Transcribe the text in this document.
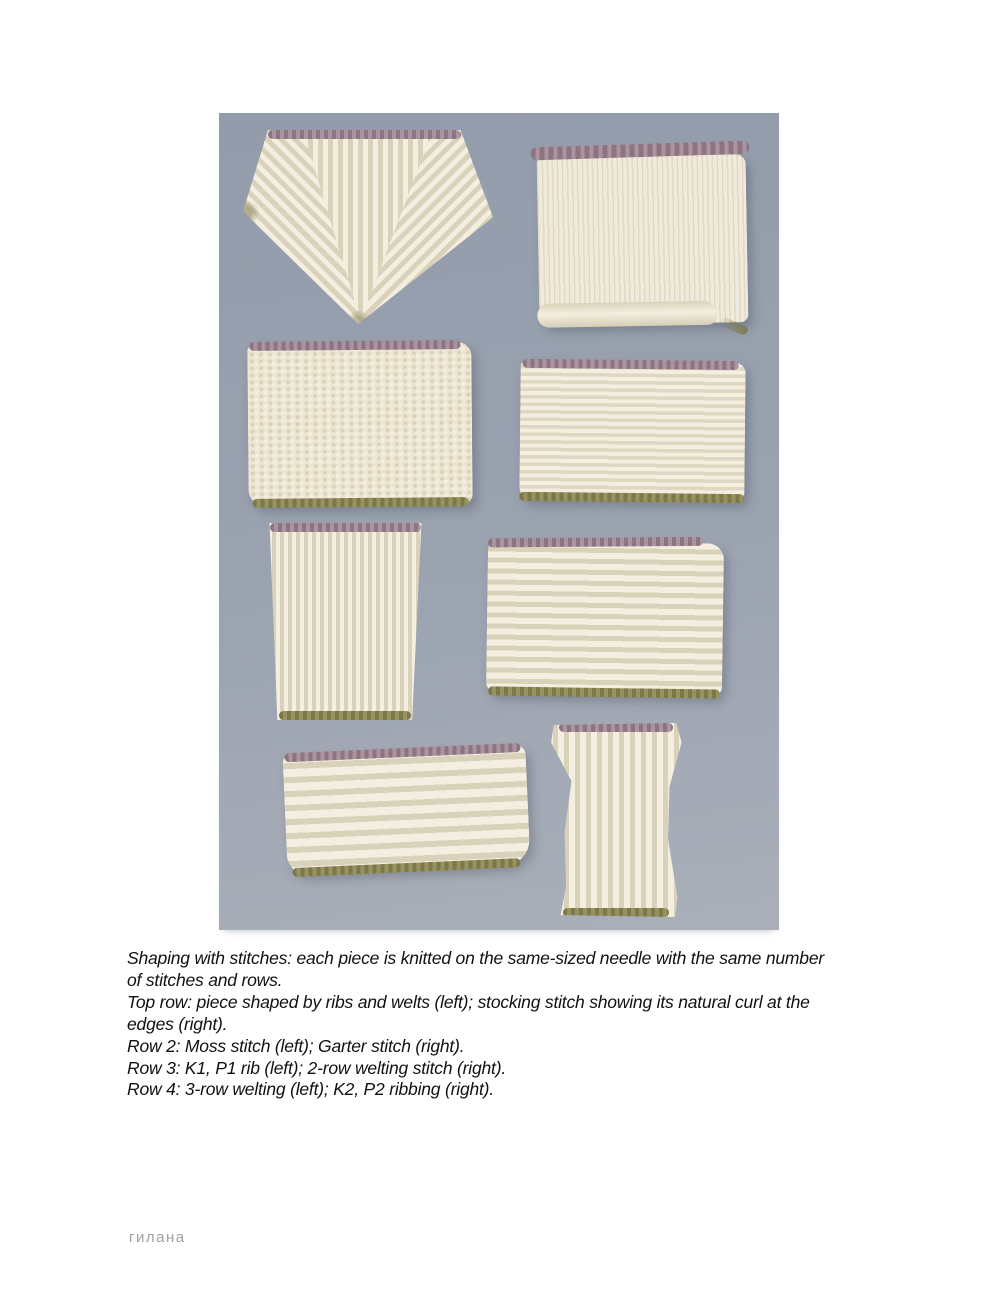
Shaping with stitches: each piece is knitted on the same-sized needle with the same number
of stitches and rows.
Top row: piece shaped by ribs and welts (left); stocking stitch showing its natural curl at the
edges (right).
Row 2: Moss stitch (left); Garter stitch (right).
Row 3: K1, P1 rib (left); 2-row welting stitch (right).
Row 4: 3-row welting (left); K2, P2 ribbing (right).
гилана
